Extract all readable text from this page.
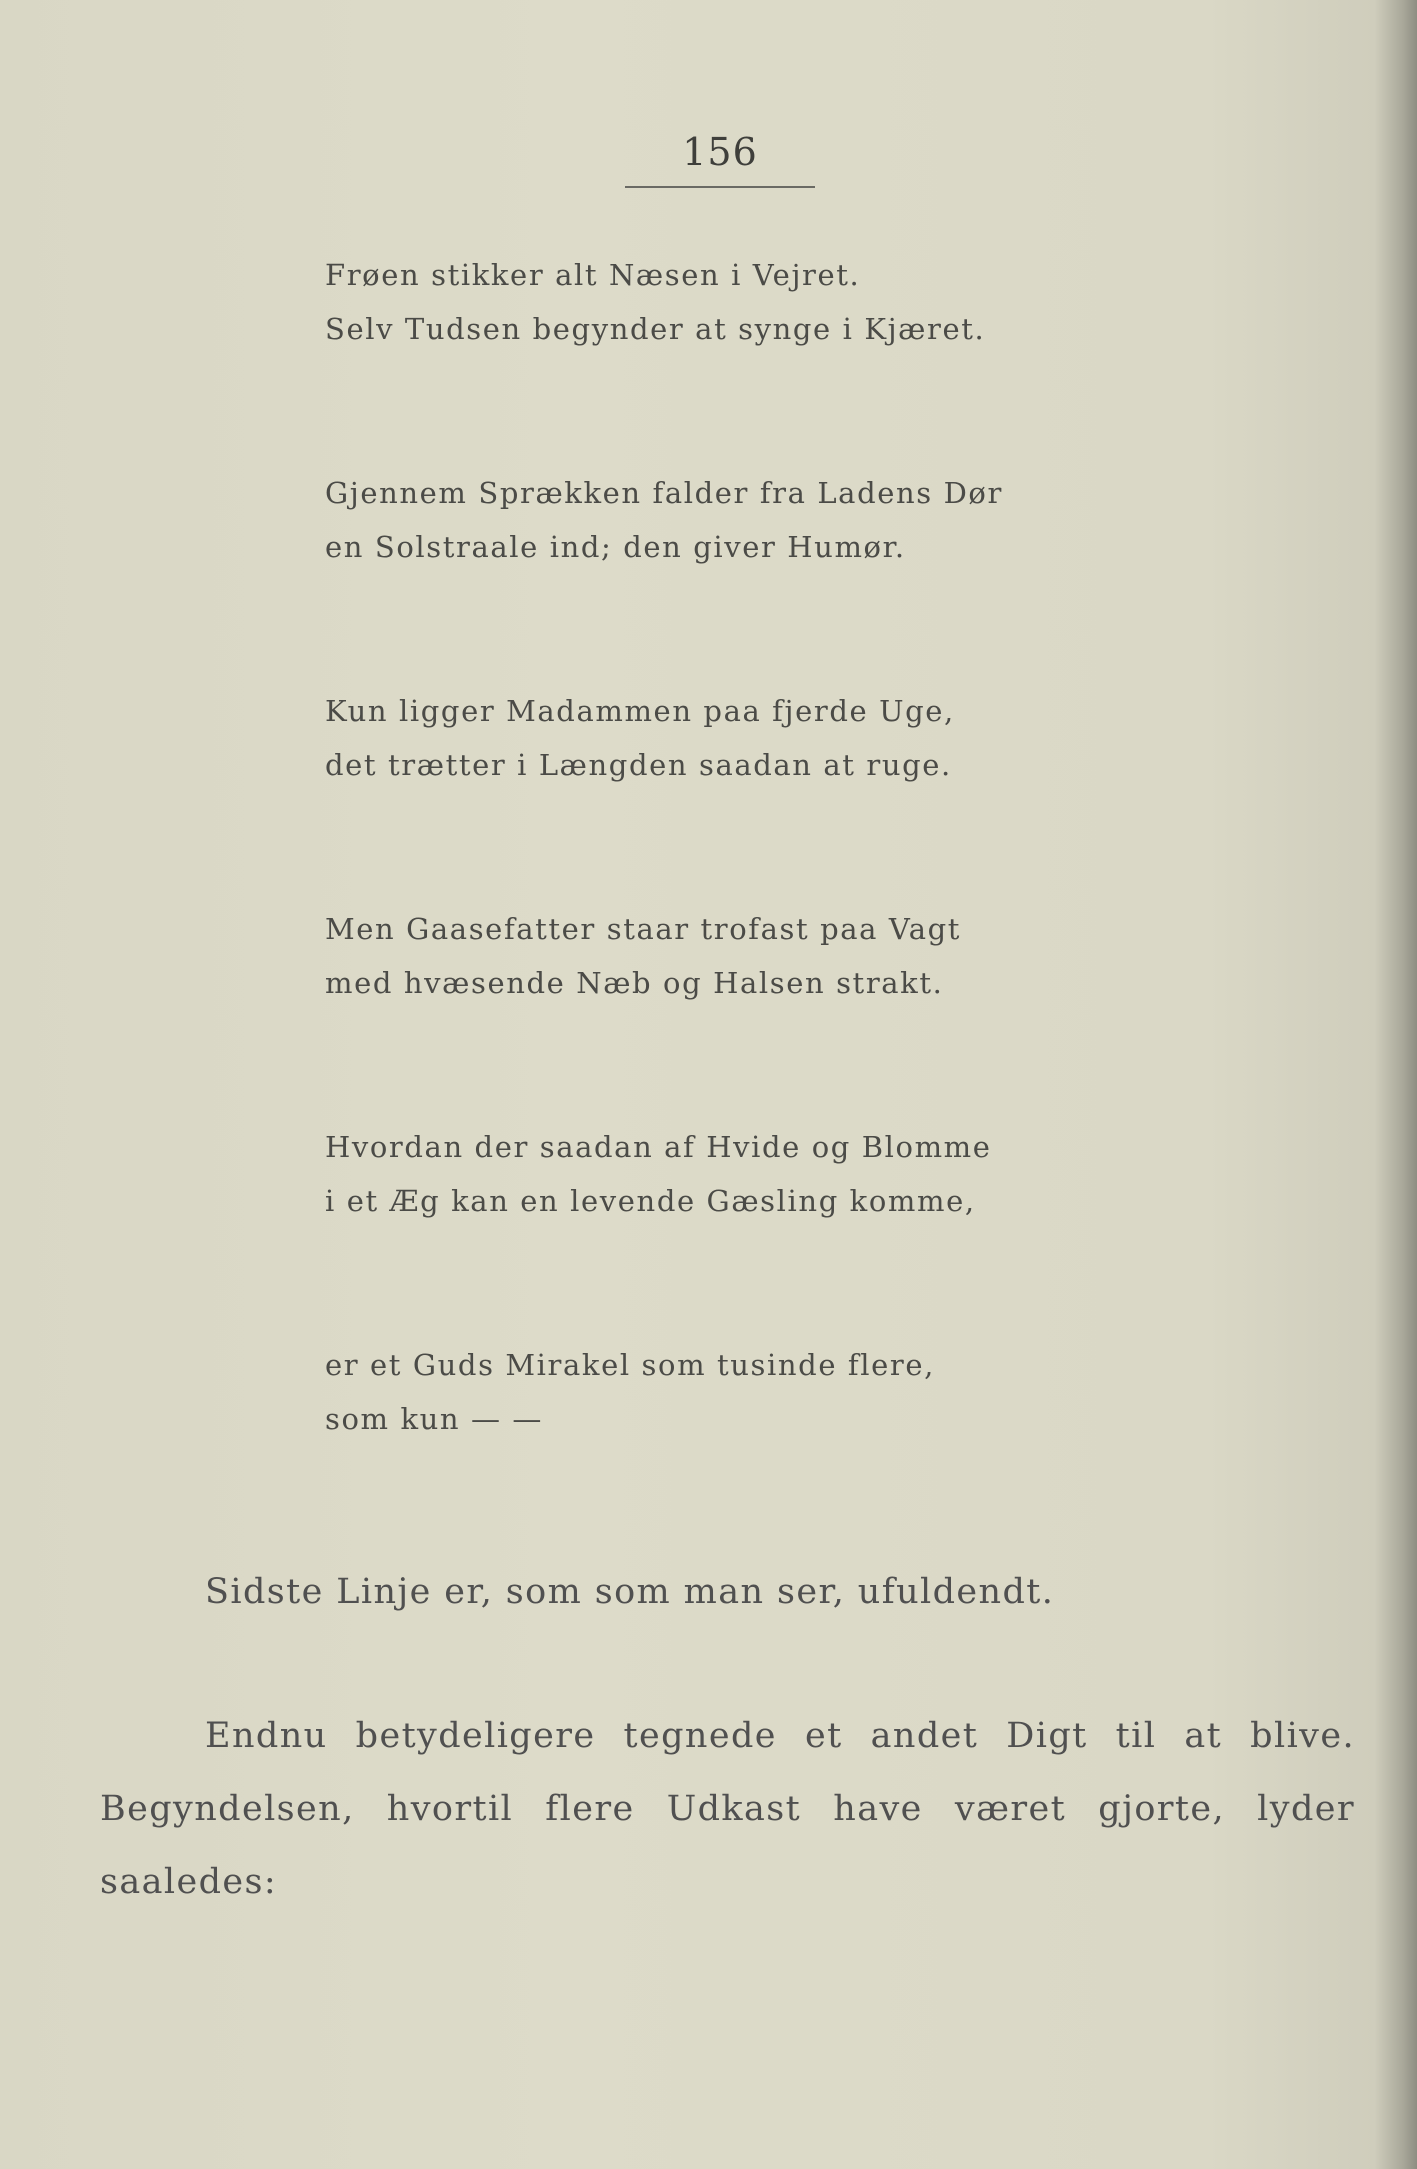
156
Frøen stikker alt Næsen i Vejret.
Selv Tudsen begynder at synge i Kjæret.
Gjennem Sprækken falder fra Ladens Dør
en Solstraale ind; den giver Humør.
Kun ligger Madammen paa fjerde Uge,
det trætter i Længden saadan at ruge.
Men Gaasefatter staar trofast paa Vagt
med hvæsende Næb og Halsen strakt.
Hvordan der saadan af Hvide og Blomme
i et Æg kan en levende Gæsling komme,
er et Guds Mirakel som tusinde flere,
som kun — —
Sidste Linje er, som som man ser, ufuldendt.
Endnu betydeligere tegnede et andet Digt til at blive. Begyndelsen, hvortil flere Udkast have været gjorte, lyder saaledes:
